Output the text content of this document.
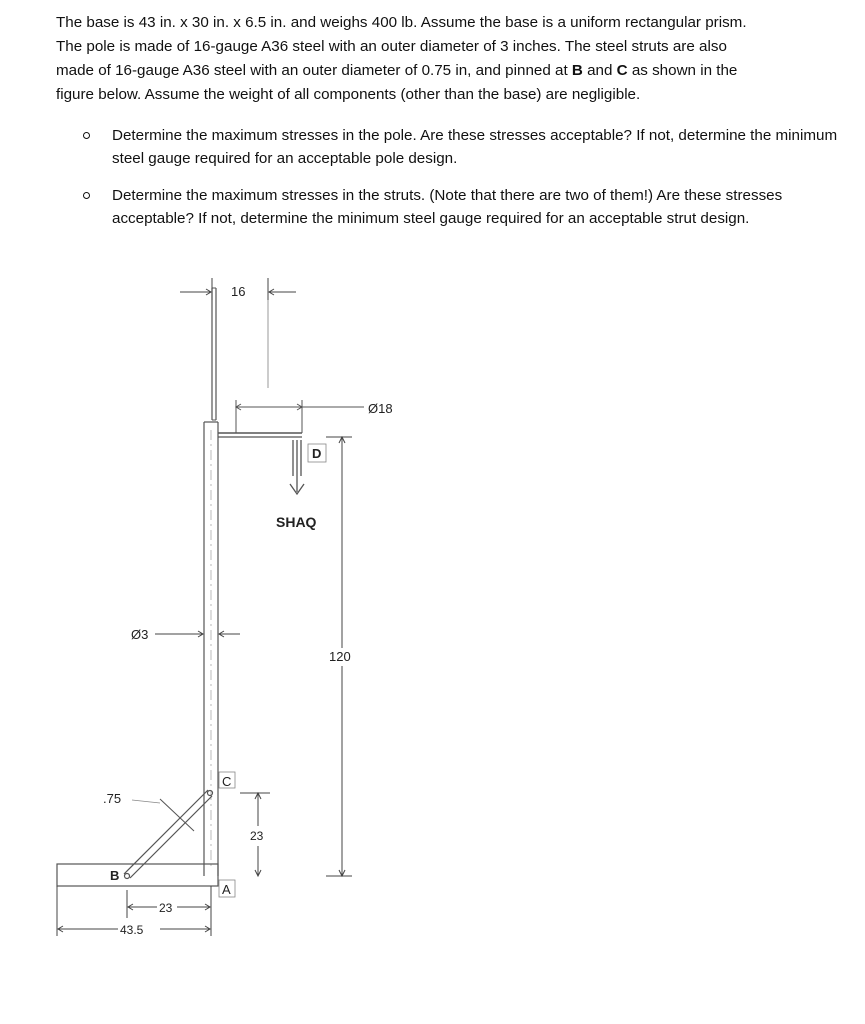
The base is 43 in. x 30 in. x 6.5 in. and weighs 400 lb. Assume the base is a uniform rectangular prism.

The pole is made of 16-gauge A36 steel with an outer diameter of 3 inches. The steel struts are also

made of 16-gauge A36 steel with an outer diameter of 0.75 in, and pinned at B and C as shown in the

figure below. Assume the weight of all components (other than the base) are negligible.

Determine the maximum stresses in the pole. Are these stresses acceptable? If not, determine the minimum steel gauge required for an acceptable pole design.
Determine the maximum stresses in the struts. (Note that there are two of them!) Are these stresses acceptable? If not, determine the minimum steel gauge required for an acceptable strut design.
16
Ø18
D
SHAQ
120
Ø3
.75
C
23
B
A
23
43.5
